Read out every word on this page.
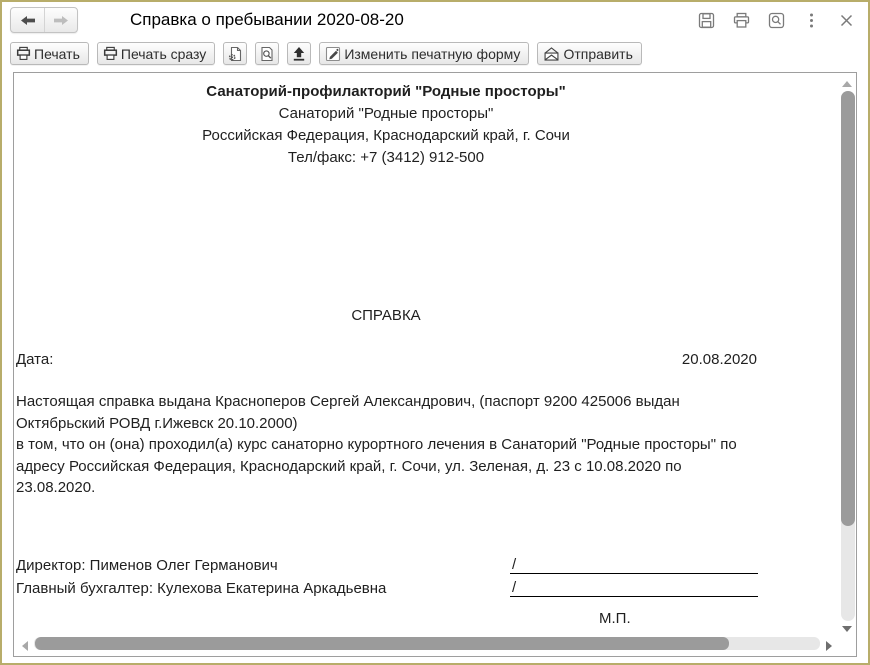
Справка о пребывании 2020-08-20
Печать	Печать сразу	Изменить печатную форму	Отправить
Санаторий-профилакторий "Родные просторы"
Санаторий "Родные просторы"
Российская Федерация, Краснодарский край, г. Сочи
Тел/факс: +7 (3412) 912-500
СПРАВКА
Дата:	20.08.2020
Настоящая справка выдана Красноперов Сергей Александрович, (паспорт 9200 425006 выдан Октябрьский РОВД г.Ижевск 20.10.2000)
в том, что он (она) проходил(а) курс санаторно курортного лечения в Санаторий "Родные просторы" по адресу Российская Федерация, Краснодарский край, г. Сочи, ул. Зеленая, д. 23 с 10.08.2020 по 23.08.2020.
Директор: Пименов Олег Германович	/
Главный бухгалтер: Кулехова Екатерина Аркадьевна	/
М.П.
